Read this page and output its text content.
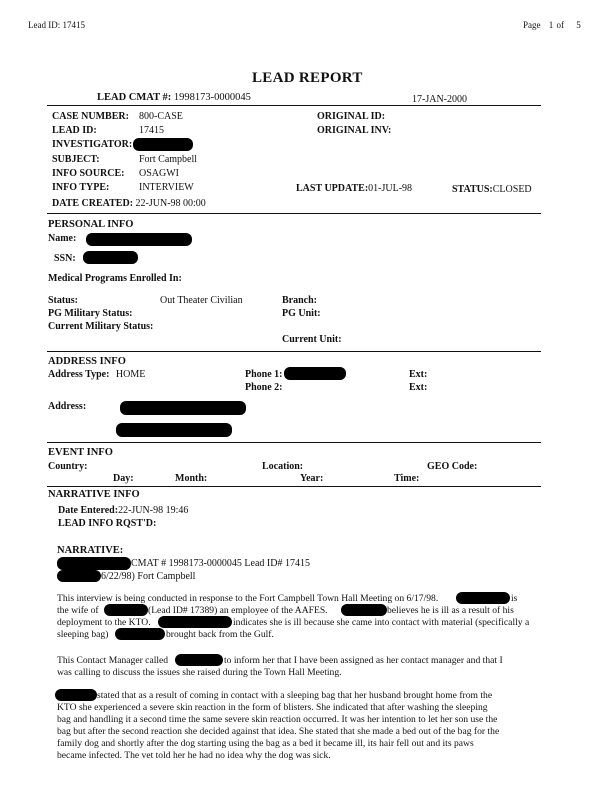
Lead ID: 17415	Page 1 of 5
LEAD REPORT
LEAD CMAT #: 1998173-0000045	17-JAN-2000
CASE NUMBER: 800-CASE	ORIGINAL ID:
LEAD ID:	17415	ORIGINAL INV:
INVESTIGATOR:
SUBJECT:	Fort Campbell
INFO SOURCE: OSAGWI
INFO TYPE:	INTERVIEW	LAST UPDATE:01-JUL-98	STATUS:CLOSED
DATE CREATED: 22-JUN-98 00:00
PERSONAL INFO
Name:
SSN:
Medical Programs Enrolled In:
Status:	Out Theater Civilian	Branch:
PG Military Status:	PG Unit:
Current Military Status:
Current Unit:
ADDRESS INFO
Address Type: HOME	Phone 1:	Ext:
Phone 2:	Ext:
Address:
EVENT INFO
Country:	Location:	GEO Code:
Day:	Month:	Year:	Time:
NARRATIVE INFO
Date Entered:22-JUN-98 19:46
LEAD INFO RQST'D:
NARRATIVE:
CMAT # 1998173-0000045 Lead ID# 17415
6/22/98) Fort Campbell
This interview is being conducted in response to the Fort Campbell Town Hall Meeting on 6/17/98.	is
the wife of	(Lead ID# 17389) an employee of the AAFES.	believes he is ill as a result of his
deployment to the KTO.	indicates she is ill because she came into contact with material (specifically a
sleeping bag)	brought back from the Gulf.
This Contact Manager called	to inform her that I have been assigned as her contact manager and that I
was calling to discuss the issues she raised during the Town Hall Meeting.
stated that as a result of coming in contact with a sleeping bag that her husband brought home from the
KTO she experienced a severe skin reaction in the form of blisters. She indicated that after washing the sleeping
bag and handling it a second time the same severe skin reaction occurred. It was her intention to let her son use the
bag but after the second reaction she decided against that idea. She stated that she made a bed out of the bag for the
family dog and shortly after the dog starting using the bag as a bed it became ill, its hair fell out and its paws
became infected. The vet told her he had no idea why the dog was sick.
